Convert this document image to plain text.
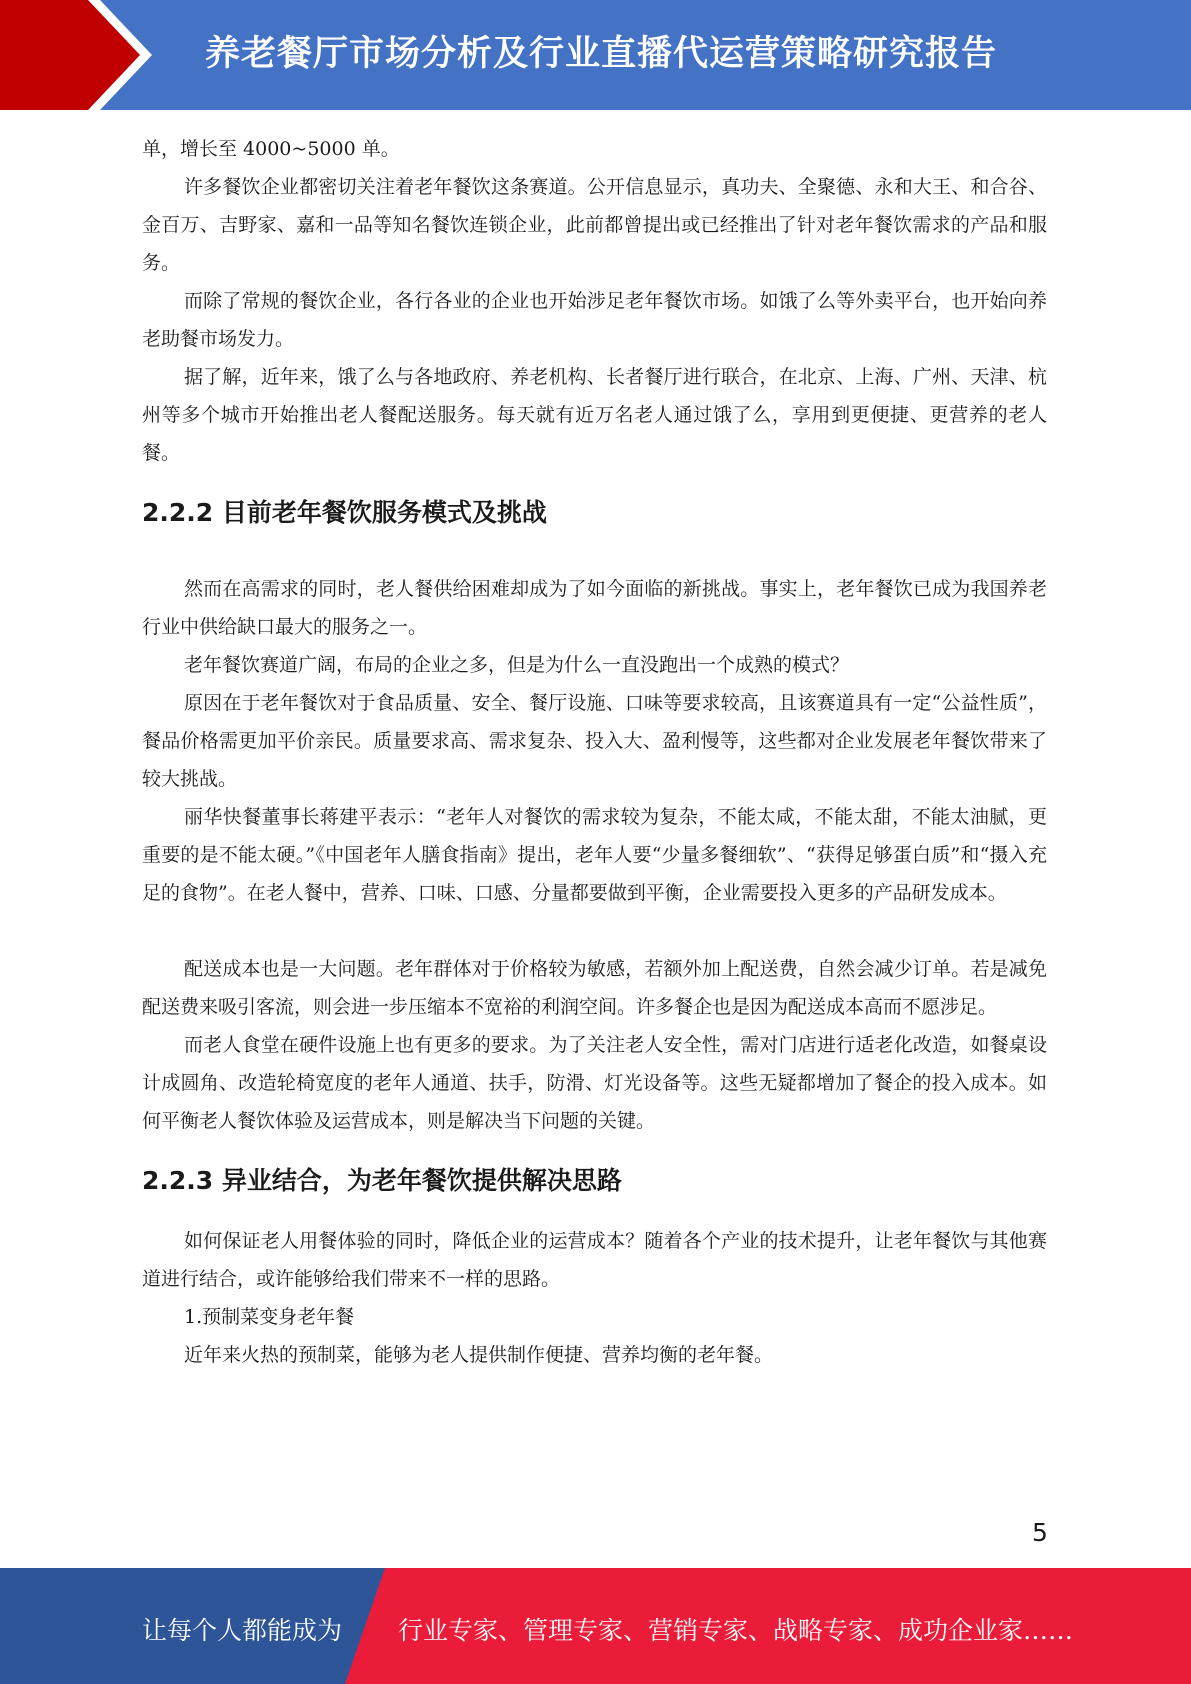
养老餐厅市场分析及行业直播代运营策略研究报告

单，增长至 4000~5000 单。

许多餐饮企业都密切关注着老年餐饮这条赛道。公开信息显示，真功夫、全聚德、永和大王、和合谷、金百万、吉野家、嘉和一品等知名餐饮连锁企业，此前都曾提出或已经推出了针对老年餐饮需求的产品和服务。

而除了常规的餐饮企业，各行各业的企业也开始涉足老年餐饮市场。如饿了么等外卖平台，也开始向养老助餐市场发力。

据了解，近年来，饿了么与各地政府、养老机构、长者餐厅进行联合，在北京、上海、广州、天津、杭州等多个城市开始推出老人餐配送服务。每天就有近万名老人通过饿了么，享用到更便捷、更营养的老人餐。

2.2.2 目前老年餐饮服务模式及挑战

然而在高需求的同时，老人餐供给困难却成为了如今面临的新挑战。事实上，老年餐饮已成为我国养老行业中供给缺口最大的服务之一。

老年餐饮赛道广阔，布局的企业之多，但是为什么一直没跑出一个成熟的模式？

原因在于老年餐饮对于食品质量、安全、餐厅设施、口味等要求较高，且该赛道具有一定“公益性质”，餐品价格需更加平价亲民。质量要求高、需求复杂、投入大、盈利慢等，这些都对企业发展老年餐饮带来了较大挑战。

丽华快餐董事长蒋建平表示：“老年人对餐饮的需求较为复杂，不能太咸，不能太甜，不能太油腻，更重要的是不能太硬。”《中国老年人膳食指南》提出，老年人要“少量多餐细软”、“获得足够蛋白质”和“摄入充足的食物”。在老人餐中，营养、口味、口感、分量都要做到平衡，企业需要投入更多的产品研发成本。

配送成本也是一大问题。老年群体对于价格较为敏感，若额外加上配送费，自然会减少订单。若是减免配送费来吸引客流，则会进一步压缩本不宽裕的利润空间。许多餐企也是因为配送成本高而不愿涉足。

而老人食堂在硬件设施上也有更多的要求。为了关注老人安全性，需对门店进行适老化改造，如餐桌设计成圆角、改造轮椅宽度的老年人通道、扶手，防滑、灯光设备等。这些无疑都增加了餐企的投入成本。如何平衡老人餐饮体验及运营成本，则是解决当下问题的关键。

2.2.3 异业结合，为老年餐饮提供解决思路

如何保证老人用餐体验的同时，降低企业的运营成本？随着各个产业的技术提升，让老年餐饮与其他赛道进行结合，或许能够给我们带来不一样的思路。

1.预制菜变身老年餐

近年来火热的预制菜，能够为老人提供制作便捷、营养均衡的老年餐。

5
让每个人都能成为 行业专家、管理专家、营销专家、战略专家、成功企业家……
